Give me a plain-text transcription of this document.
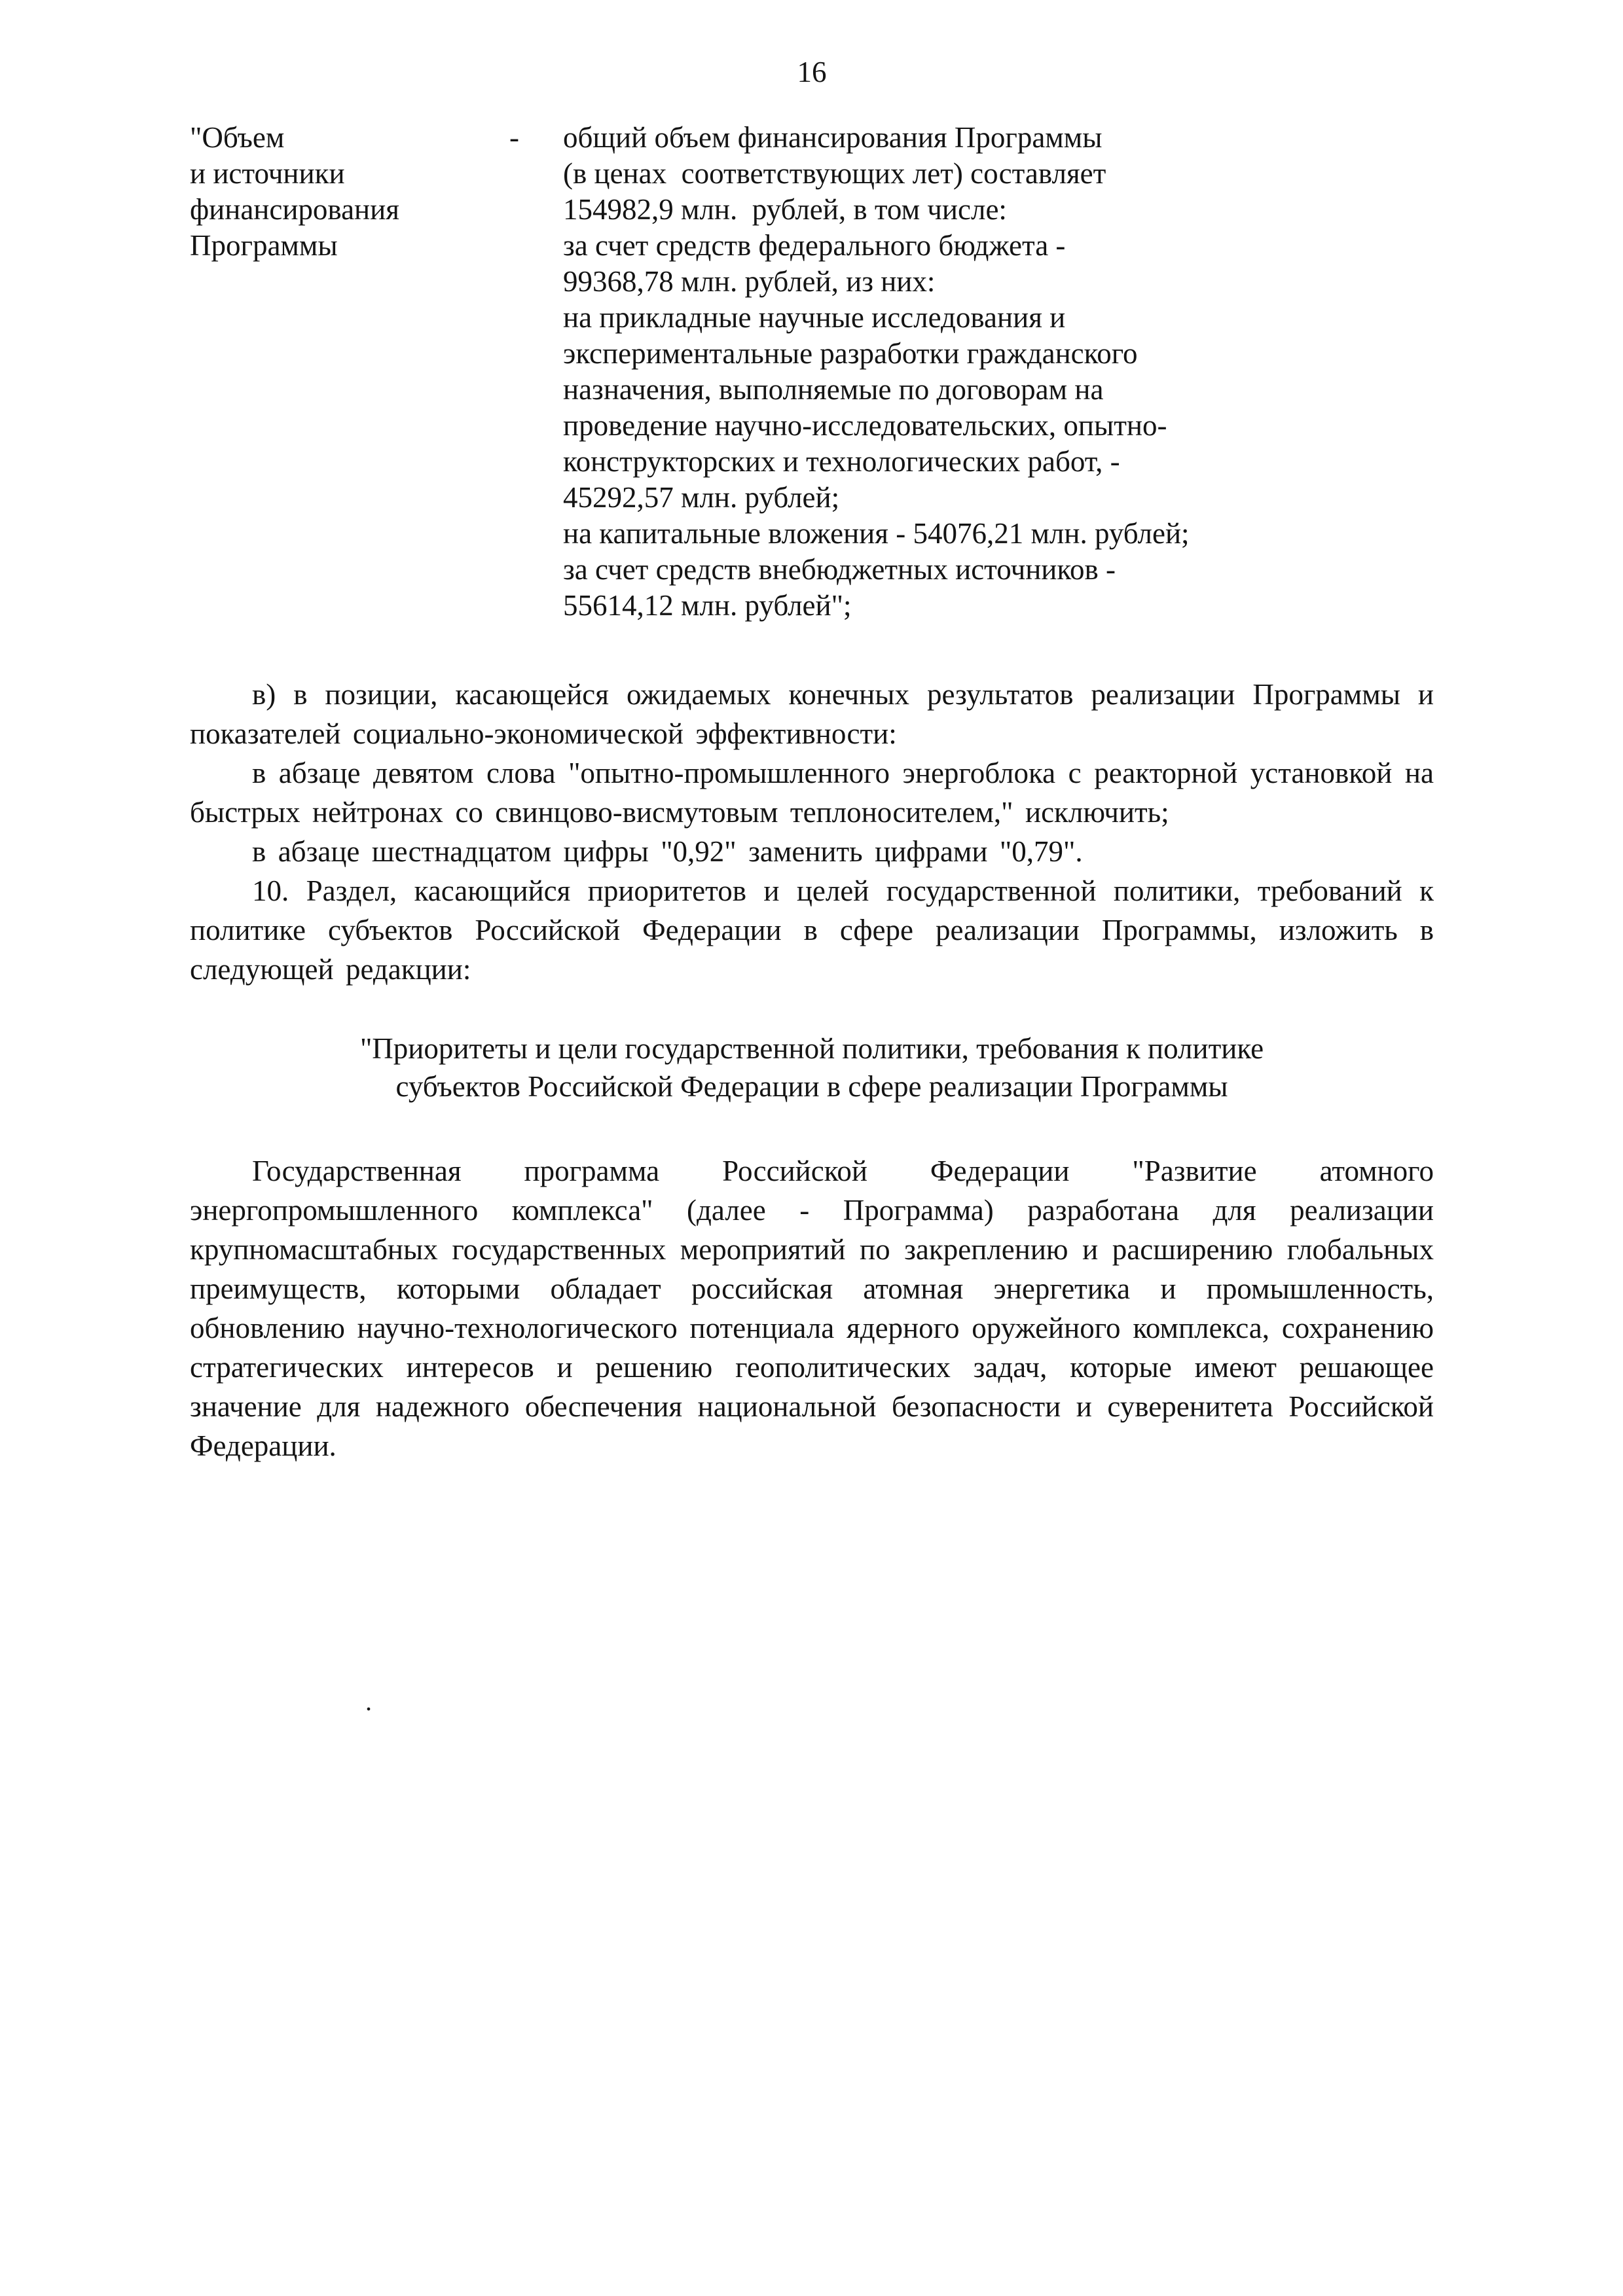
16
"Объем
и источники
финансирования
Программы
-	общий объем финансирования Программы
(в ценах  соответствующих лет) составляет
154982,9 млн.  рублей, в том числе:
за счет средств федерального бюджета -
99368,78 млн. рублей, из них:
на прикладные научные исследования и
экспериментальные разработки гражданского
назначения, выполняемые по договорам на
проведение научно-исследовательских, опытно-
конструкторских и технологических работ, -
45292,57 млн. рублей;
на капитальные вложения - 54076,21 млн. рублей;
за счет средств внебюджетных источников -
55614,12 млн. рублей";
в) в позиции, касающейся ожидаемых конечных результатов реализации Программы и показателей социально-экономической эффективности:
в абзаце девятом слова "опытно-промышленного энергоблока с реакторной установкой на быстрых нейтронах со свинцово-висмутовым теплоносителем," исключить;
в абзаце шестнадцатом цифры "0,92" заменить цифрами "0,79".
10. Раздел, касающийся приоритетов и целей государственной политики, требований к политике субъектов Российской Федерации в сфере реализации Программы, изложить в следующей редакции:
"Приоритеты и цели государственной политики, требования к политике
субъектов Российской Федерации в сфере реализации Программы
Государственная программа Российской Федерации "Развитие атомного энергопромышленного комплекса" (далее - Программа) разработана для реализации крупномасштабных государственных мероприятий по закреплению и расширению глобальных преимуществ, которыми обладает российская атомная энергетика и промышленность, обновлению научно-технологического потенциала ядерного оружейного комплекса, сохранению стратегических интересов и решению геополитических задач, которые имеют решающее значение для надежного обеспечения национальной безопасности и суверенитета Российской Федерации.
.
